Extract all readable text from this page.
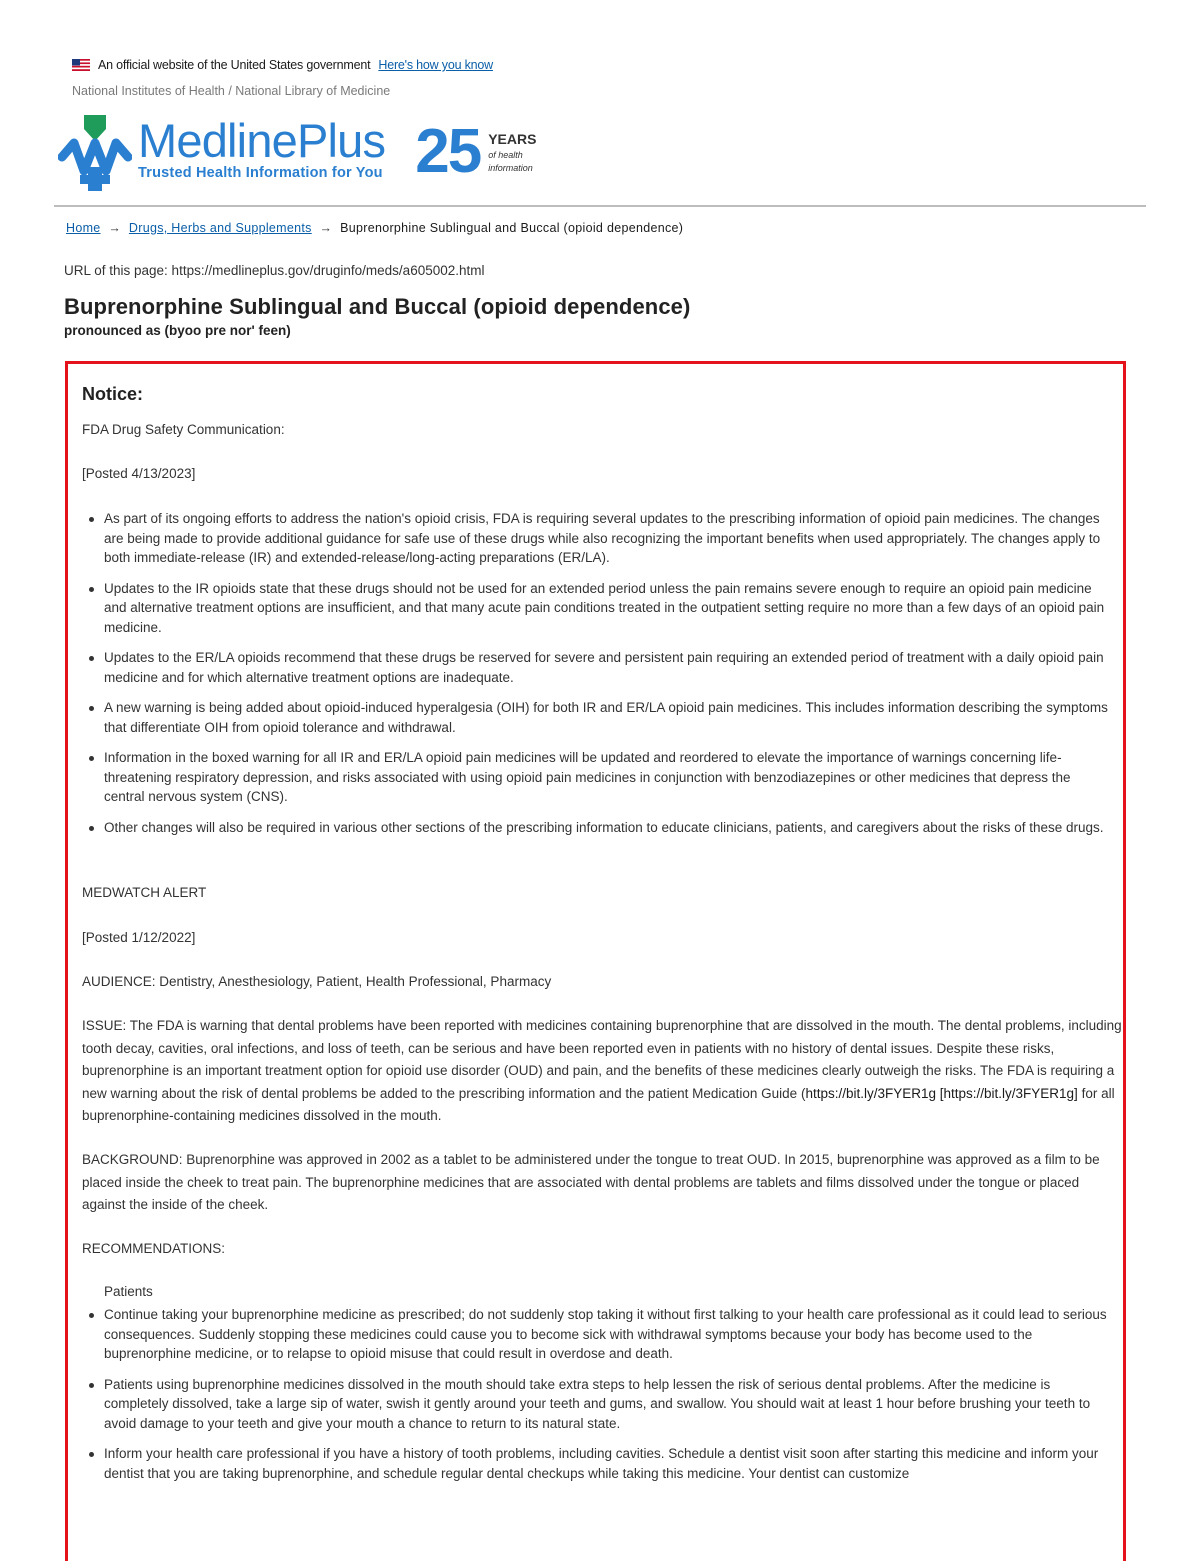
An official website of the United States government Here's how you know
National Institutes of Health / National Library of Medicine
MedlinePlus
Trusted Health Information for You 25 YEARS
of health
information
Home → Drugs, Herbs and Supplements → Buprenorphine Sublingual and Buccal (opioid dependence)
URL of this page: https://medlineplus.gov/druginfo/meds/a605002.html
Buprenorphine Sublingual and Buccal (opioid dependence)
pronounced as (byoo pre nor' feen)
Notice:

FDA Drug Safety Communication:

[Posted 4/13/2023]

As part of its ongoing efforts to address the nation's opioid crisis, FDA is requiring several updates to the prescribing information of opioid pain medicines. The changes are being made to provide additional guidance for safe use of these drugs while also recognizing the important benefits when used appropriately. The changes apply to both immediate-release (IR) and extended-release/long-acting preparations (ER/LA).
Updates to the IR opioids state that these drugs should not be used for an extended period unless the pain remains severe enough to require an opioid pain medicine and alternative treatment options are insufficient, and that many acute pain conditions treated in the outpatient setting require no more than a few days of an opioid pain medicine.
Updates to the ER/LA opioids recommend that these drugs be reserved for severe and persistent pain requiring an extended period of treatment with a daily opioid pain medicine and for which alternative treatment options are inadequate.
A new warning is being added about opioid-induced hyperalgesia (OIH) for both IR and ER/LA opioid pain medicines. This includes information describing the symptoms that differentiate OIH from opioid tolerance and withdrawal.
Information in the boxed warning for all IR and ER/LA opioid pain medicines will be updated and reordered to elevate the importance of warnings concerning life-threatening respiratory depression, and risks associated with using opioid pain medicines in conjunction with benzodiazepines or other medicines that depress the central nervous system (CNS).
Other changes will also be required in various other sections of the prescribing information to educate clinicians, patients, and caregivers about the risks of these drugs.

MEDWATCH ALERT

[Posted 1/12/2022]

AUDIENCE: Dentistry, Anesthesiology, Patient, Health Professional, Pharmacy

ISSUE: The FDA is warning that dental problems have been reported with medicines containing buprenorphine that are dissolved in the mouth. The dental problems, including tooth decay, cavities, oral infections, and loss of teeth, can be serious and have been reported even in patients with no history of dental issues. Despite these risks, buprenorphine is an important treatment option for opioid use disorder (OUD) and pain, and the benefits of these medicines clearly outweigh the risks. The FDA is requiring a new warning about the risk of dental problems be added to the prescribing information and the patient Medication Guide (https://bit.ly/3FYER1g [https://bit.ly/3FYER1g] for all buprenorphine-containing medicines dissolved in the mouth.

BACKGROUND: Buprenorphine was approved in 2002 as a tablet to be administered under the tongue to treat OUD. In 2015, buprenorphine was approved as a film to be placed inside the cheek to treat pain. The buprenorphine medicines that are associated with dental problems are tablets and films dissolved under the tongue or placed against the inside of the cheek.

RECOMMENDATIONS:

Patients

Continue taking your buprenorphine medicine as prescribed; do not suddenly stop taking it without first talking to your health care professional as it could lead to serious consequences. Suddenly stopping these medicines could cause you to become sick with withdrawal symptoms because your body has become used to the buprenorphine medicine, or to relapse to opioid misuse that could result in overdose and death.
Patients using buprenorphine medicines dissolved in the mouth should take extra steps to help lessen the risk of serious dental problems. After the medicine is completely dissolved, take a large sip of water, swish it gently around your teeth and gums, and swallow. You should wait at least 1 hour before brushing your teeth to avoid damage to your teeth and give your mouth a chance to return to its natural state.
Inform your health care professional if you have a history of tooth problems, including cavities. Schedule a dentist visit soon after starting this medicine and inform your dentist that you are taking buprenorphine, and schedule regular dental checkups while taking this medicine. Your dentist can customize
